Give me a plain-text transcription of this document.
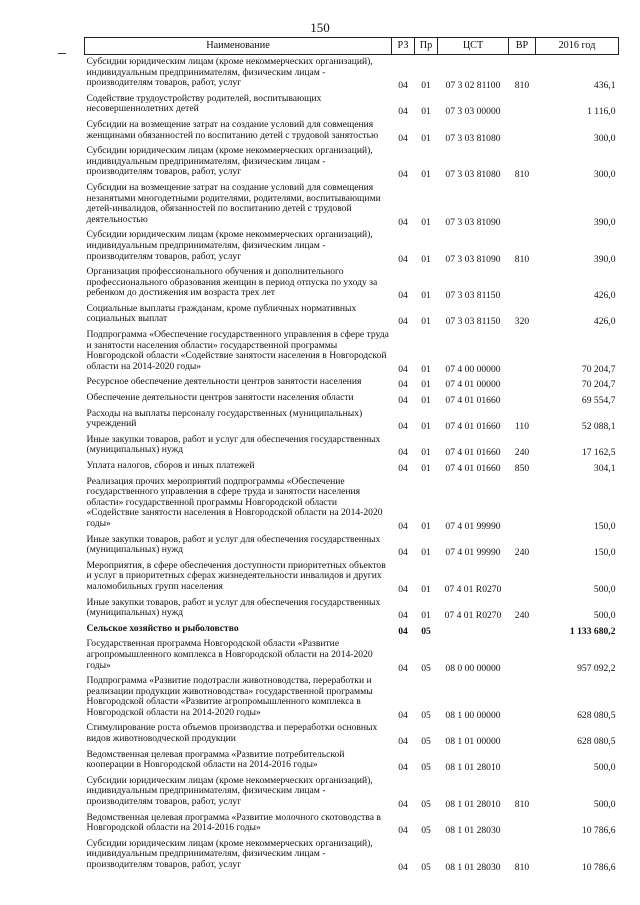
150
Наименование	РЗ	Пр	ЦСТ	ВР	2016 год
Субсидии юридическим лицам (кроме некоммерческих организаций), индивидуальным предпринимателям, физическим лицам - производителям товаров, работ, услуг	04	01	07 3 02 81100	810	436,1
Содействие трудоустройству родителей, воспитывающих несовершеннолетних детей	04	01	07 3 03 00000		1 116,0
Субсидии на возмещение затрат на создание условий для совмещения женщинами обязанностей по воспитанию детей с трудовой занятостью	04	01	07 3 03 81080		300,0
Субсидии юридическим лицам (кроме некоммерческих организаций), индивидуальным предпринимателям, физическим лицам - производителям товаров, работ, услуг	04	01	07 3 03 81080	810	300,0
Субсидии на возмещение затрат на создание условий для совмещения незанятыми многодетными родителями, родителями, воспитывающими детей-инвалидов, обязанностей по воспитанию детей с трудовой деятельностью	04	01	07 3 03 81090		390,0
Субсидии юридическим лицам (кроме некоммерческих организаций), индивидуальным предпринимателям, физическим лицам - производителям товаров, работ, услуг	04	01	07 3 03 81090	810	390,0
Организация профессионального обучения и дополнительного профессионального образования женщин в период отпуска по уходу за ребенком до достижения им возраста трех лет	04	01	07 3 03 81150		426,0
Социальные выплаты гражданам, кроме публичных нормативных социальных выплат	04	01	07 3 03 81150	320	426,0
Подпрограмма «Обеспечение государственного управления в сфере труда и занятости населения области» государственной программы Новгородской области «Содействие занятости населения в Новгородской области на 2014-2020 годы»	04	01	07 4 00 00000		70 204,7
Ресурсное обеспечение деятельности центров занятости населения	04	01	07 4 01 00000		70 204,7
Обеспечение деятельности центров занятости населения области	04	01	07 4 01 01660		69 554,7
Расходы на выплаты персоналу государственных (муниципальных) учреждений	04	01	07 4 01 01660	110	52 088,1
Иные закупки товаров, работ и услуг для обеспечения государственных (муниципальных) нужд	04	01	07 4 01 01660	240	17 162,5
Уплата налогов, сборов и иных платежей	04	01	07 4 01 01660	850	304,1
Реализация прочих мероприятий подпрограммы «Обеспечение государственного управления в сфере труда и занятости населения области» государственной программы Новгородской области «Содействие занятости населения в Новгородской области на 2014-2020 годы»	04	01	07 4 01 99990		150,0
Иные закупки товаров, работ и услуг для обеспечения государственных (муниципальных) нужд	04	01	07 4 01 99990	240	150,0
Мероприятия, в сфере обеспечения доступности приоритетных объектов и услуг в приоритетных сферах жизнедеятельности инвалидов и других маломобильных групп населения	04	01	07 4 01 R0270		500,0
Иные закупки товаров, работ и услуг для обеспечения государственных (муниципальных) нужд	04	01	07 4 01 R0270	240	500,0
Сельское хозяйство и рыболовство	04	05			1 133 680,2
Государственная программа Новгородской области «Развитие агропромышленного комплекса в Новгородской области на 2014-2020 годы»	04	05	08 0 00 00000		957 092,2
Подпрограмма «Развитие подотрасли животноводства, переработки и реализации продукции животноводства» государственной программы Новгородской области «Развитие агропромышленного комплекса в Новгородской области на 2014-2020 годы»	04	05	08 1 00 00000		628 080,5
Стимулирование роста объемов производства и переработки основных видов животноводческой продукции	04	05	08 1 01 00000		628 080,5
Ведомственная целевая программа «Развитие потребительской кооперации в Новгородской области на 2014-2016 годы»	04	05	08 1 01 28010		500,0
Субсидии юридическим лицам (кроме некоммерческих организаций), индивидуальным предпринимателям, физическим лицам - производителям товаров, работ, услуг	04	05	08 1 01 28010	810	500,0
Ведомственная целевая программа «Развитие молочного скотоводства в Новгородской области на 2014-2016 годы»	04	05	08 1 01 28030		10 786,6
Субсидии юридическим лицам (кроме некоммерческих организаций), индивидуальным предпринимателям, физическим лицам - производителям товаров, работ, услуг	04	05	08 1 01 28030	810	10 786,6
